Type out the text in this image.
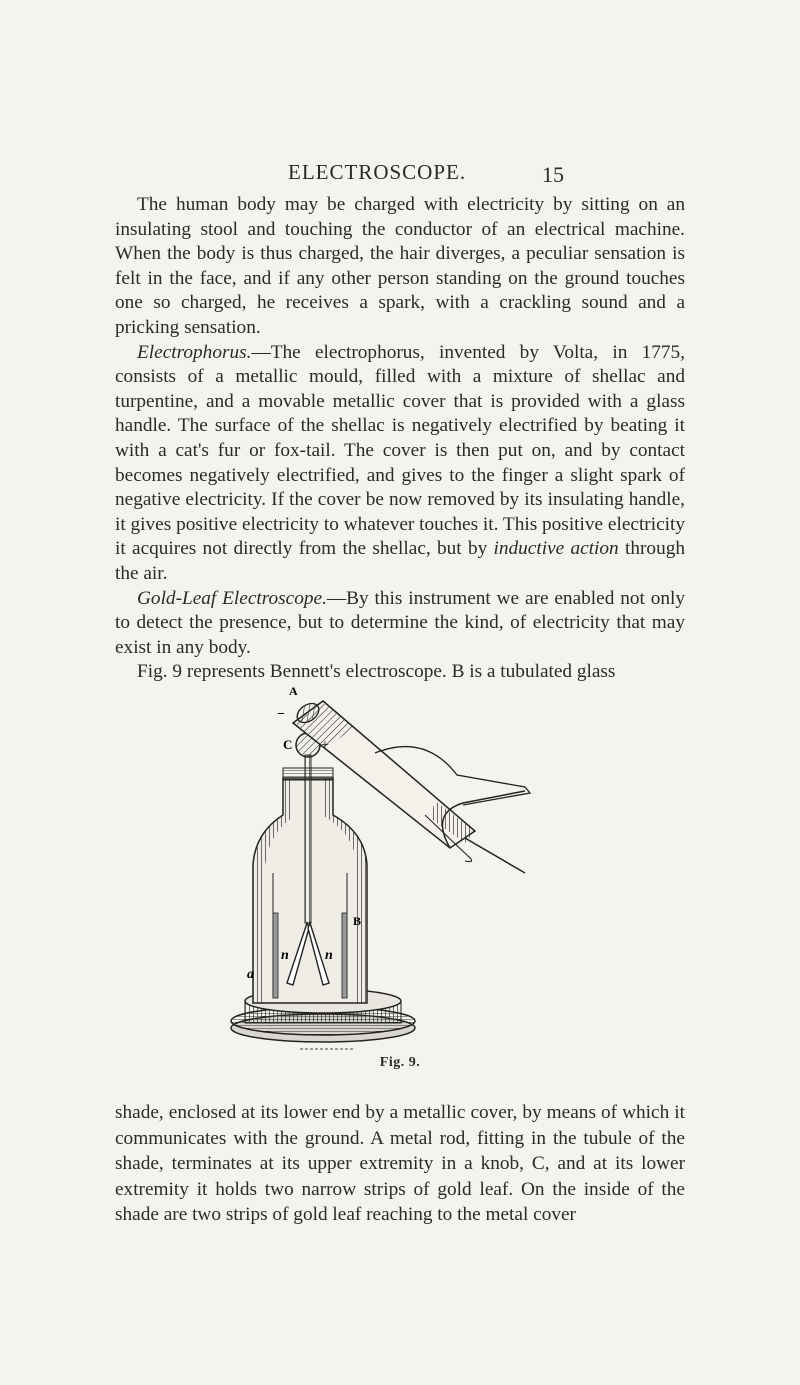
ELECTROSCOPE.	15

The human body may be charged with electricity by sitting on an insulating stool and touching the conductor of an electrical machine. When the body is thus charged, the hair diverges, a peculiar sensation is felt in the face, and if any other person standing on the ground touches one so charged, he receives a spark, with a crackling sound and a pricking sensation.

Electrophorus.—The electrophorus, invented by Volta, in 1775, consists of a metallic mould, filled with a mixture of shellac and turpentine, and a movable metallic cover that is provided with a glass handle. The surface of the shellac is negatively electrified by beating it with a cat's fur or fox-tail. The cover is then put on, and by contact becomes negatively electrified, and gives to the finger a slight spark of negative electricity. If the cover be now removed by its insulating handle, it gives positive electricity to whatever touches it. This positive electricity it acquires not directly from the shellac, but by inductive action through the air.

Gold-Leaf Electroscope.—By this instrument we are enabled not only to detect the presence, but to determine the kind, of electricity that may exist in any body.

Fig. 9 represents Bennett's electroscope. B is a tubulated glass

A
−
C +
B
a
n	n
Fig. 9.

shade, enclosed at its lower end by a metallic cover, by means of which it communicates with the ground. A metal rod, fitting in the tubule of the shade, terminates at its upper extremity in a knob, C, and at its lower extremity it holds two narrow strips of gold leaf. On the inside of the shade are two strips of gold leaf reaching to the metal cover
